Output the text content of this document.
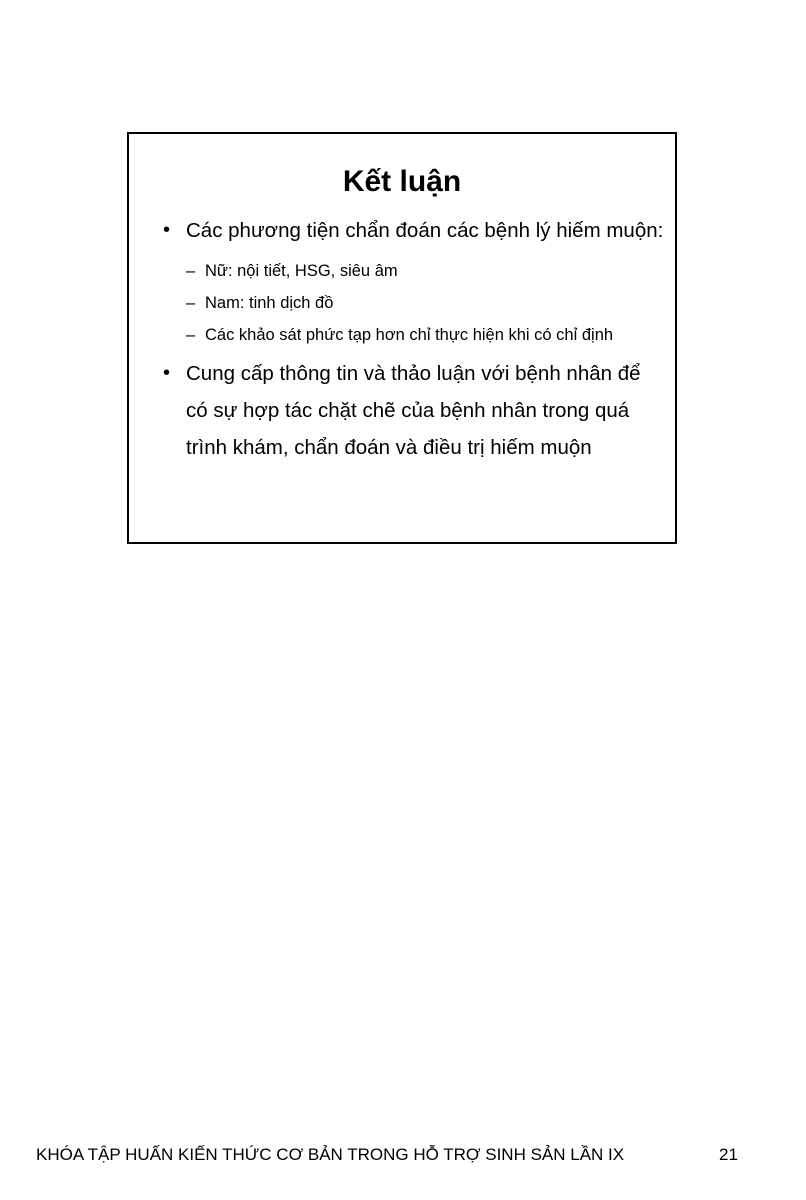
Kết luận
• Các phương tiện chẩn đoán các bệnh lý hiếm muộn:
– Nữ: nội tiết, HSG, siêu âm
– Nam: tinh dịch đồ
– Các khảo sát phức tạp hơn chỉ thực hiện khi có chỉ định
• Cung cấp thông tin và thảo luận với bệnh nhân để có sự hợp tác chặt chẽ của bệnh nhân trong quá trình khám, chẩn đoán và điều trị hiếm muộn
KHÓA TẬP HUẤN KIẾN THỨC CƠ BẢN TRONG HỖ TRỢ SINH SẢN LẦN IX	21
